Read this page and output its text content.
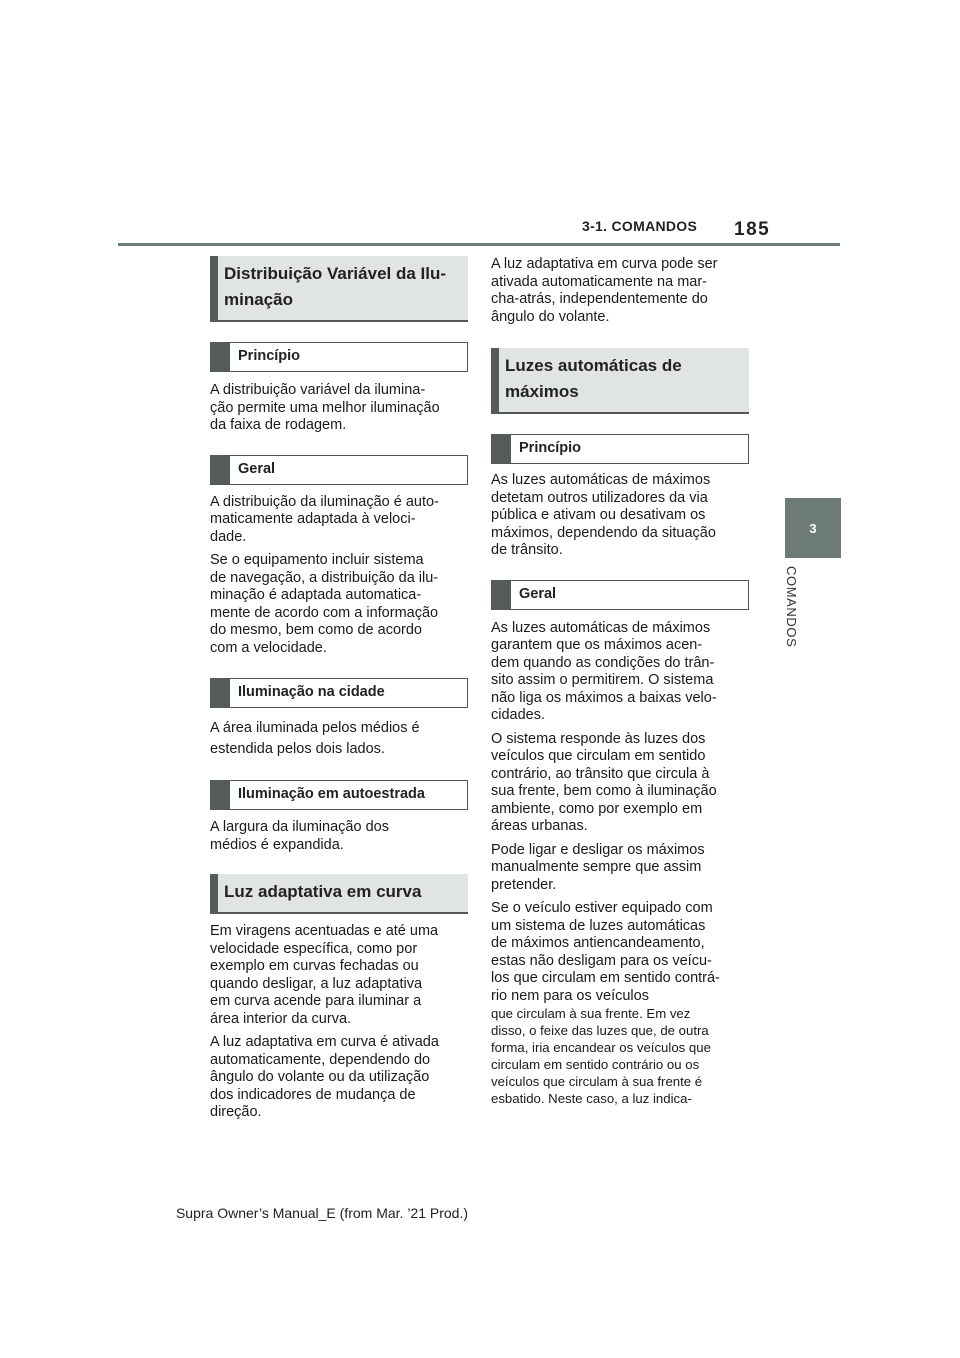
3-1. COMANDOS 185
3
COMANDOS
Distribuição Variável da Ilu-
minação
Princípio

A distribuição variável da ilumina-
ção permite uma melhor iluminação
da faixa de rodagem.

Geral

A distribuição da iluminação é auto-
maticamente adaptada à veloci-
dade.

Se o equipamento incluir sistema
de navegação, a distribuição da ilu-
minação é adaptada automatica-
mente de acordo com a informação
do mesmo, bem como de acordo
com a velocidade.

Iluminação na cidade

A área iluminada pelos médios é
estendida pelos dois lados.

Iluminação em autoestrada

A largura da iluminação dos
médios é expandida.

Luz adaptativa em curva

Em viragens acentuadas e até uma
velocidade específica, como por
exemplo em curvas fechadas ou
quando desligar, a luz adaptativa
em curva acende para iluminar a
área interior da curva.

A luz adaptativa em curva é ativada
automaticamente, dependendo do
ângulo do volante ou da utilização
dos indicadores de mudança de
direção.

A luz adaptativa em curva pode ser
ativada automaticamente na mar-
cha-atrás, independentemente do
ângulo do volante.

Luzes automáticas de
máximos
Princípio

As luzes automáticas de máximos
detetam outros utilizadores da via
pública e ativam ou desativam os
máximos, dependendo da situação
de trânsito.

Geral

As luzes automáticas de máximos
garantem que os máximos acen-
dem quando as condições do trân-
sito assim o permitirem. O sistema
não liga os máximos a baixas velo-
cidades.

O sistema responde às luzes dos
veículos que circulam em sentido
contrário, ao trânsito que circula à
sua frente, bem como à iluminação
ambiente, como por exemplo em
áreas urbanas.

Pode ligar e desligar os máximos
manualmente sempre que assim
pretender.

Se o veículo estiver equipado com
um sistema de luzes automáticas
de máximos antiencandeamento,
estas não desligam para os veícu-
los que circulam em sentido contrá-
rio nem para os veículos

que circulam à sua frente. Em vez
disso, o feixe das luzes que, de outra
forma, iria encandear os veículos que
circulam em sentido contrário ou os
veículos que circulam à sua frente é
esbatido. Neste caso, a luz indica-

Supra Owner’s Manual_E (from Mar. ’21 Prod.)
